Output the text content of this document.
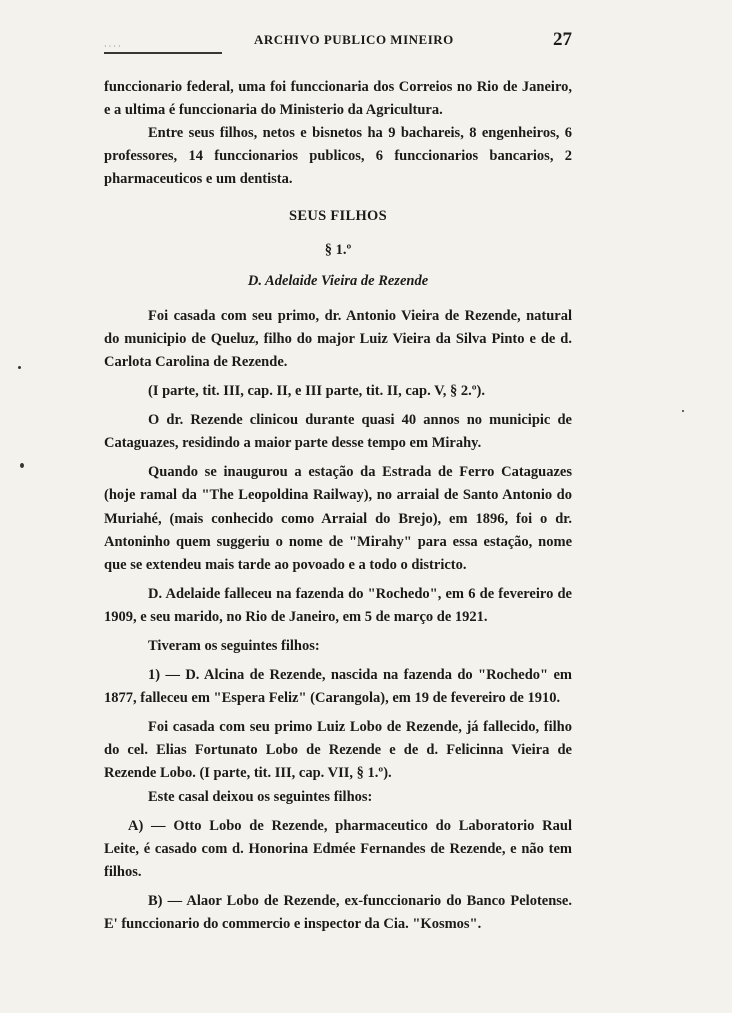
· · · ·	ARCHIVO PUBLICO MINEIRO	27

funccionario federal, uma foi funccionaria dos Correios no Rio de Janeiro, e a ultima é funccionaria do Ministerio da Agricultura.

Entre seus filhos, netos e bisnetos ha 9 bachareis, 8 engenheiros, 6 professores, 14 funccionarios publicos, 6 funccionarios bancarios, 2 pharmaceuticos e um dentista.

SEUS FILHOS

§ 1.º

D. Adelaide Vieira de Rezende

Foi casada com seu primo, dr. Antonio Vieira de Rezende, natural do municipio de Queluz, filho do major Luiz Vieira da Silva Pinto e de d. Carlota Carolina de Rezende.

(I parte, tit. III, cap. II, e III parte, tit. II, cap. V, § 2.º).

O dr. Rezende clinicou durante quasi 40 annos no municipic de Cataguazes, residindo a maior parte desse tempo em Mirahy.

Quando se inaugurou a estação da Estrada de Ferro Cataguazes (hoje ramal da "The Leopoldina Railway), no arraial de Santo Antonio do Muriahé, (mais conhecido como Arraial do Brejo), em 1896, foi o dr. Antoninho quem suggeriu o nome de "Mirahy" para essa estação, nome que se extendeu mais tarde ao povoado e a todo o districto.

D. Adelaide falleceu na fazenda do "Rochedo", em 6 de fevereiro de 1909, e seu marido, no Rio de Janeiro, em 5 de março de 1921.

Tiveram os seguintes filhos:

1) — D. Alcina de Rezende, nascida na fazenda do "Rochedo" em 1877, falleceu em "Espera Feliz" (Carangola), em 19 de fevereiro de 1910.

Foi casada com seu primo Luiz Lobo de Rezende, já fallecido, filho do cel. Elias Fortunato Lobo de Rezende e de d. Felicinna Vieira de Rezende Lobo. (I parte, tit. III, cap. VII, § 1.º).

Este casal deixou os seguintes filhos:

A) — Otto Lobo de Rezende, pharmaceutico do Laboratorio Raul Leite, é casado com d. Honorina Edmée Fernandes de Rezende, e não tem filhos.

B) — Alaor Lobo de Rezende, ex-funccionario do Banco Pelotense. E' funccionario do commercio e inspector da Cia. "Kosmos".
